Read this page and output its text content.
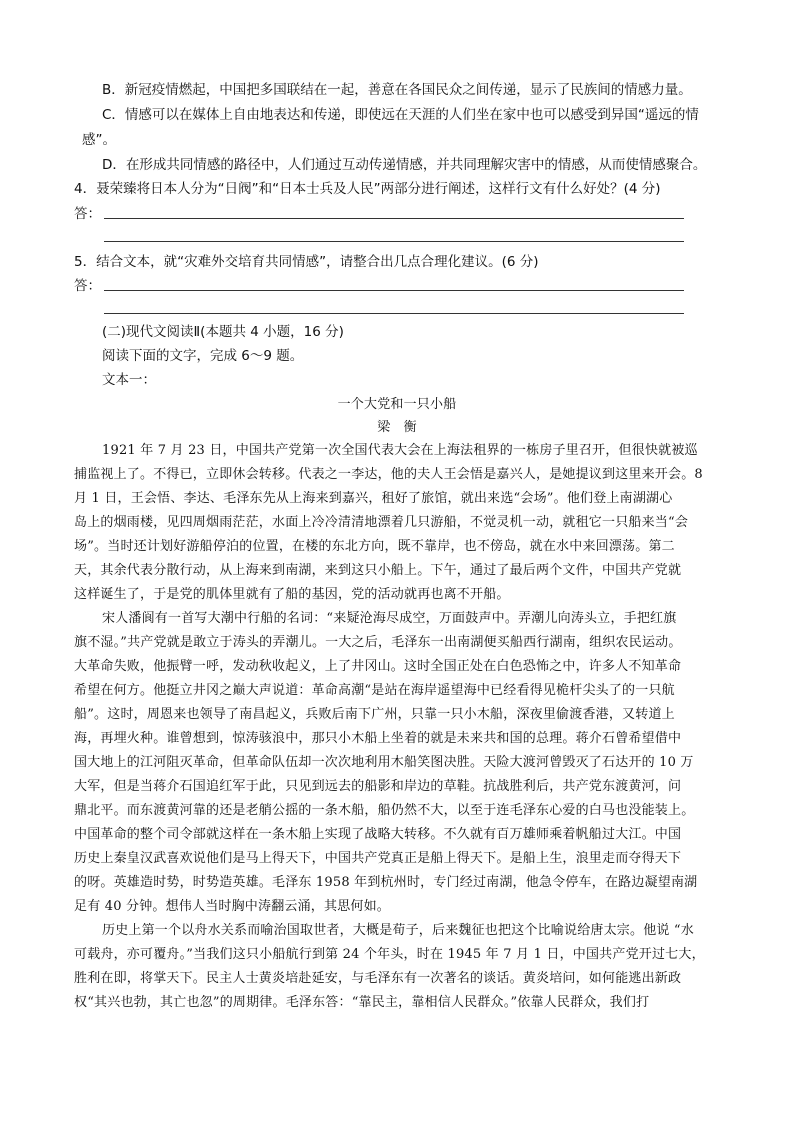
B．新冠疫情燃起，中国把多国联结在一起，善意在各国民众之间传递，显示了民族间的情感力量。
C．情感可以在媒体上自由地表达和传递，即使远在天涯的人们坐在家中也可以感受到异国“遥远的情
感”。
D．在形成共同情感的路径中，人们通过互动传递情感，并共同理解灾害中的情感，从而使情感聚合。
4．聂荣臻将日本人分为“日阀”和“日本士兵及人民”两部分进行阐述，这样行文有什么好处？(4 分)
答：
5．结合文本，就“灾难外交培育共同情感”，请整合出几点合理化建议。(6 分)
答：
(二)现代文阅读Ⅱ(本题共 4 小题，16 分)
阅读下面的文字，完成 6～9 题。
文本一：
一个大党和一只小船
梁　衡
1921 年 7 月 23 日，中国共产党第一次全国代表大会在上海法租界的一栋房子里召开，但很快就被巡
捕监视上了。不得已，立即休会转移。代表之一李达，他的夫人王会悟是嘉兴人，是她提议到这里来开会。8
月 1 日，王会悟、李达、毛泽东先从上海来到嘉兴，租好了旅馆，就出来选“会场”。他们登上南湖湖心
岛上的烟雨楼，见四周烟雨茫茫，水面上冷冷清清地漂着几只游船，不觉灵机一动，就租它一只船来当“会
场”。当时还计划好游船停泊的位置，在楼的东北方向，既不靠岸，也不傍岛，就在水中来回漂荡。第二
天，其余代表分散行动，从上海来到南湖，来到这只小船上。下午，通过了最后两个文件，中国共产党就
这样诞生了，于是党的肌体里就有了船的基因，党的活动就再也离不开船。
宋人潘阆有一首写大潮中行船的名词：“来疑沧海尽成空，万面鼓声中。弄潮儿向涛头立，手把红旗
旗不湿。”共产党就是敢立于涛头的弄潮儿。一大之后，毛泽东一出南湖便买船西行湖南，组织农民运动。
大革命失败，他振臂一呼，发动秋收起义，上了井冈山。这时全国正处在白色恐怖之中，许多人不知革命
希望在何方。他挺立井冈之巅大声说道：革命高潮“是站在海岸遥望海中已经看得见桅杆尖头了的一只航
船”。这时，周恩来也领导了南昌起义，兵败后南下广州，只靠一只小木船，深夜里偷渡香港，又转道上
海，再埋火种。谁曾想到，惊涛骇浪中，那只小木船上坐着的就是未来共和国的总理。蒋介石曾希望借中
国大地上的江河阻灭革命，但革命队伍却一次次地利用木船笑图决胜。天险大渡河曾毁灭了石达开的 10 万
大军，但是当蒋介石国追红军于此，只见到远去的船影和岸边的草鞋。抗战胜利后，共产党东渡黄河，问
鼎北平。而东渡黄河靠的还是老艄公摇的一条木船，船仍然不大，以至于连毛泽东心爱的白马也没能装上。
中国革命的整个司令部就这样在一条木船上实现了战略大转移。不久就有百万雄师乘着帆船过大江。中国
历史上秦皇汉武喜欢说他们是马上得天下，中国共产党真正是船上得天下。是船上生，浪里走而夺得天下
的呀。英雄造时势，时势造英雄。毛泽东 1958 年到杭州时，专门经过南湖，他急令停车，在路边凝望南湖
足有 40 分钟。想伟人当时胸中涛翻云涌，其思何如。
历史上第一个以舟水关系而喻治国取世者，大概是荀子，后来魏征也把这个比喻说给唐太宗。他说 “水
可载舟，亦可覆舟。”当我们这只小船航行到第 24 个年头，时在 1945 年 7 月 1 日，中国共产党开过七大，
胜利在即，将掌天下。民主人士黄炎培赴延安，与毛泽东有一次著名的谈话。黄炎培问，如何能逃出新政
权“其兴也勃，其亡也忽”的周期律。毛泽东答：“靠民主，靠相信人民群众。”依靠人民群众，我们打
